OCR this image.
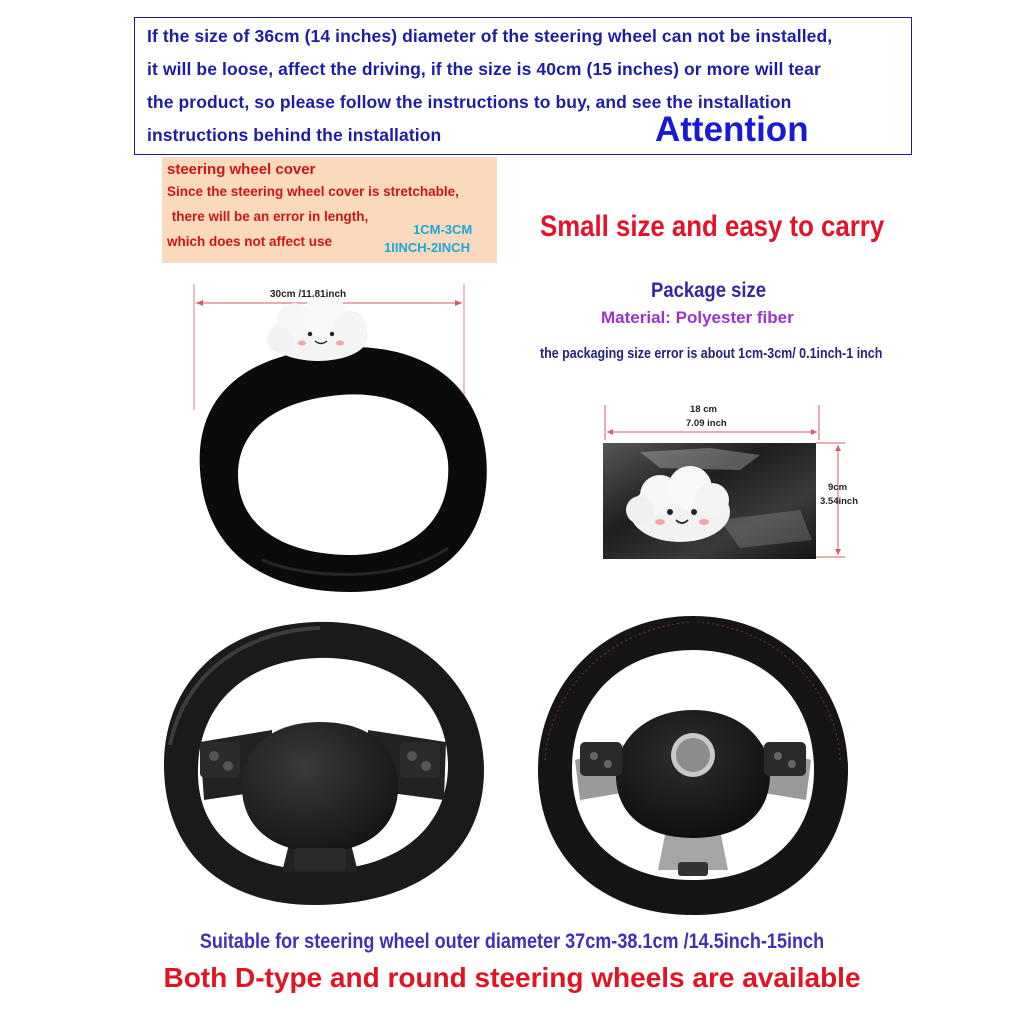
If the size of 36cm (14 inches) diameter of the steering wheel can not be installed,
it will be loose, affect the driving, if the size is 40cm (15 inches) or more will tear
the product, so please follow the instructions to buy, and see the installation
instructions behind the installation	Attention
steering wheel cover
Since the steering wheel cover is stretchable,
there will be an error in length,
which does not affect use
1CM-3CM
1IINCH-2INCH
30cm /11.81inch
18 cm
7.09 inch
9cm
3.54inch
Small size and easy to carry
Package size
Material: Polyester fiber
the packaging size error is about 1cm-3cm/ 0.1inch-1 inch
Suitable for steering wheel outer diameter 37cm-38.1cm /14.5inch-15inch
Both D-type and round steering wheels are available
